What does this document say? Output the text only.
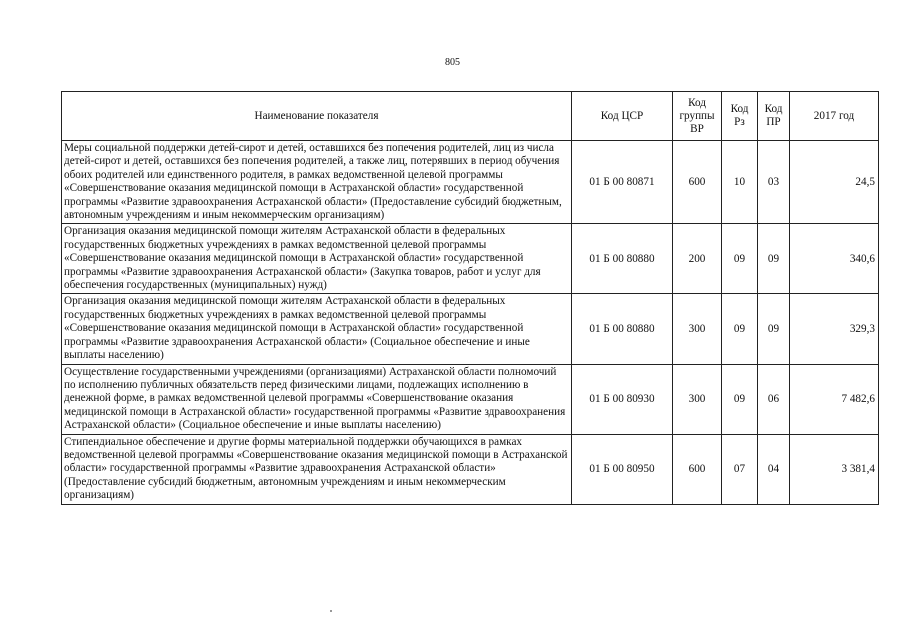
805
Наименование показателя	Код ЦСР	Код группы ВР	Код Рз	Код ПР	2017 год
Меры социальной поддержки детей-сирот и детей, оставшихся без попечения родителей, лиц из числа детей-сирот и детей, оставшихся без попечения родителей, а также лиц, потерявших в период обучения обоих родителей или единственного родителя, в рамках ведомственной целевой программы «Совершенствование оказания медицинской помощи в Астраханской области» государственной программы «Развитие здравоохранения Астраханской области» (Предоставление субсидий бюджетным, автономным учреждениям и иным некоммерческим организациям)	01 Б 00 80871	600	10	03	24,5
Организация оказания медицинской помощи жителям Астраханской области в федеральных государственных бюджетных учреждениях в рамках ведомственной целевой программы «Совершенствование оказания медицинской помощи в Астраханской области» государственной программы «Развитие здравоохранения Астраханской области» (Закупка товаров, работ и услуг для обеспечения государственных (муниципальных) нужд)	01 Б 00 80880	200	09	09	340,6
Организация оказания медицинской помощи жителям Астраханской области в федеральных государственных бюджетных учреждениях в рамках ведомственной целевой программы «Совершенствование оказания медицинской помощи в Астраханской области» государственной программы «Развитие здравоохранения Астраханской области» (Социальное обеспечение и иные выплаты населению)	01 Б 00 80880	300	09	09	329,3
Осуществление государственными учреждениями (организациями) Астраханской области полномочий по исполнению публичных обязательств перед физическими лицами, подлежащих исполнению в денежной форме, в рамках ведомственной целевой программы «Совершенствование оказания медицинской помощи в Астраханской области» государственной программы «Развитие здравоохранения Астраханской области» (Социальное обеспечение и иные выплаты населению)	01 Б 00 80930	300	09	06	7 482,6
Стипендиальное обеспечение и другие формы материальной поддержки обучающихся в рамках ведомственной целевой программы «Совершенствование оказания медицинской помощи в Астраханской области» государственной программы «Развитие здравоохранения Астраханской области» (Предоставление субсидий бюджетным, автономным учреждениям и иным некоммерческим организациям)	01 Б 00 80950	600	07	04	3 381,4
